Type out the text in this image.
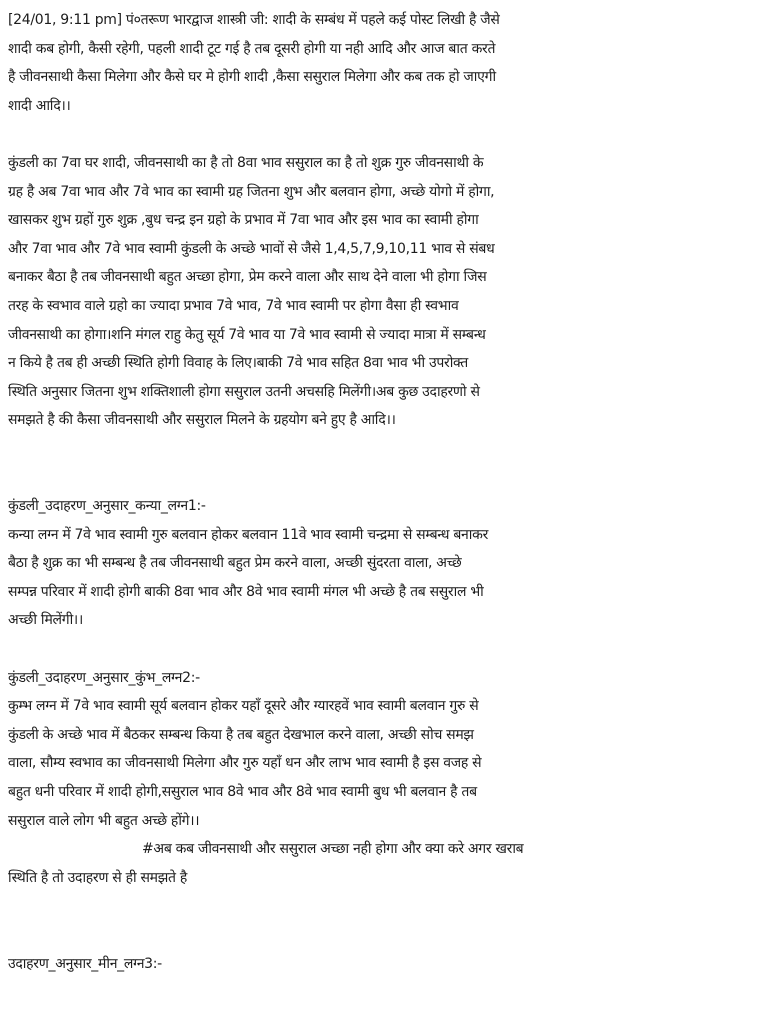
[24/01, 9:11 pm] पं०तरूण भारद्वाज शास्त्री जी: शादी के सम्बंध में पहले कई पोस्ट लिखी है जैसे
शादी कब होगी, कैसी रहेगी, पहली शादी टूट गई है तब दूसरी होगी या नही आदि और आज बात करते
है जीवनसाथी कैसा मिलेगा और कैसे घर मे होगी शादी ,कैसा ससुराल मिलेगा और कब तक हो जाएगी
शादी आदि।।
कुंडली का 7वा घर शादी, जीवनसाथी का है तो 8वा भाव ससुराल का है तो शुक्र गुरु जीवनसाथी के
ग्रह है अब 7वा भाव और 7वे भाव का स्वामी ग्रह जितना शुभ और बलवान होगा, अच्छे योगो में होगा,
खासकर शुभ ग्रहों गुरु शुक्र ,बुध चन्द्र इन ग्रहो के प्रभाव में 7वा भाव और इस भाव का स्वामी होगा
और 7वा भाव और 7वे भाव स्वामी कुंडली के अच्छे भावों से जैसे 1,4,5,7,9,10,11 भाव से संबध
बनाकर बैठा है तब जीवनसाथी बहुत अच्छा होगा, प्रेम करने वाला और साथ देने वाला भी होगा जिस
तरह के स्वभाव वाले ग्रहो का ज्यादा प्रभाव 7वे भाव, 7वे भाव स्वामी पर होगा वैसा ही स्वभाव
जीवनसाथी का होगा।शनि मंगल राहु केतु सूर्य 7वे भाव या 7वे भाव स्वामी से ज्यादा मात्रा में सम्बन्ध
न किये है तब ही अच्छी स्थिति होगी विवाह के लिए।बाकी 7वे भाव सहित 8वा भाव भी उपरोक्त
स्थिति अनुसार जितना शुभ शक्तिशाली होगा ससुराल उतनी अचसहि मिलेंगी।अब कुछ उदाहरणो से
समझते है की कैसा जीवनसाथी और ससुराल मिलने के ग्रहयोग बने हुए है आदि।।
कुंडली_उदाहरण_अनुसार_कन्या_लग्न1:-
कन्या लग्न में 7वे भाव स्वामी गुरु बलवान होकर बलवान 11वे भाव स्वामी चन्द्रमा से सम्बन्ध बनाकर
बैठा है शुक्र का भी सम्बन्ध है तब जीवनसाथी बहुत प्रेम करने वाला, अच्छी सुंदरता वाला, अच्छे
सम्पन्न परिवार में शादी होगी बाकी 8वा भाव और 8वे भाव स्वामी मंगल भी अच्छे है तब ससुराल भी
अच्छी मिलेंगी।।
कुंडली_उदाहरण_अनुसार_कुंभ_लग्न2:-
कुम्भ लग्न में 7वे भाव स्वामी सूर्य बलवान होकर यहाँ दूसरे और ग्यारहवें भाव स्वामी बलवान गुरु से
कुंडली के अच्छे भाव में बैठकर सम्बन्ध किया है तब बहुत देखभाल करने वाला, अच्छी सोच समझ
वाला, सौम्य स्वभाव का जीवनसाथी मिलेगा और गुरु यहाँ धन और लाभ भाव स्वामी है इस वजह से
बहुत धनी परिवार में शादी होगी,ससुराल भाव 8वे भाव और 8वे भाव स्वामी बुध भी बलवान है तब
ससुराल वाले लोग भी बहुत अच्छे होंगे।।
#अब कब जीवनसाथी और ससुराल अच्छा नही होगा और क्या करे अगर खराब
स्थिति है तो उदाहरण से ही समझते है
उदाहरण_अनुसार_मीन_लग्न3:-
